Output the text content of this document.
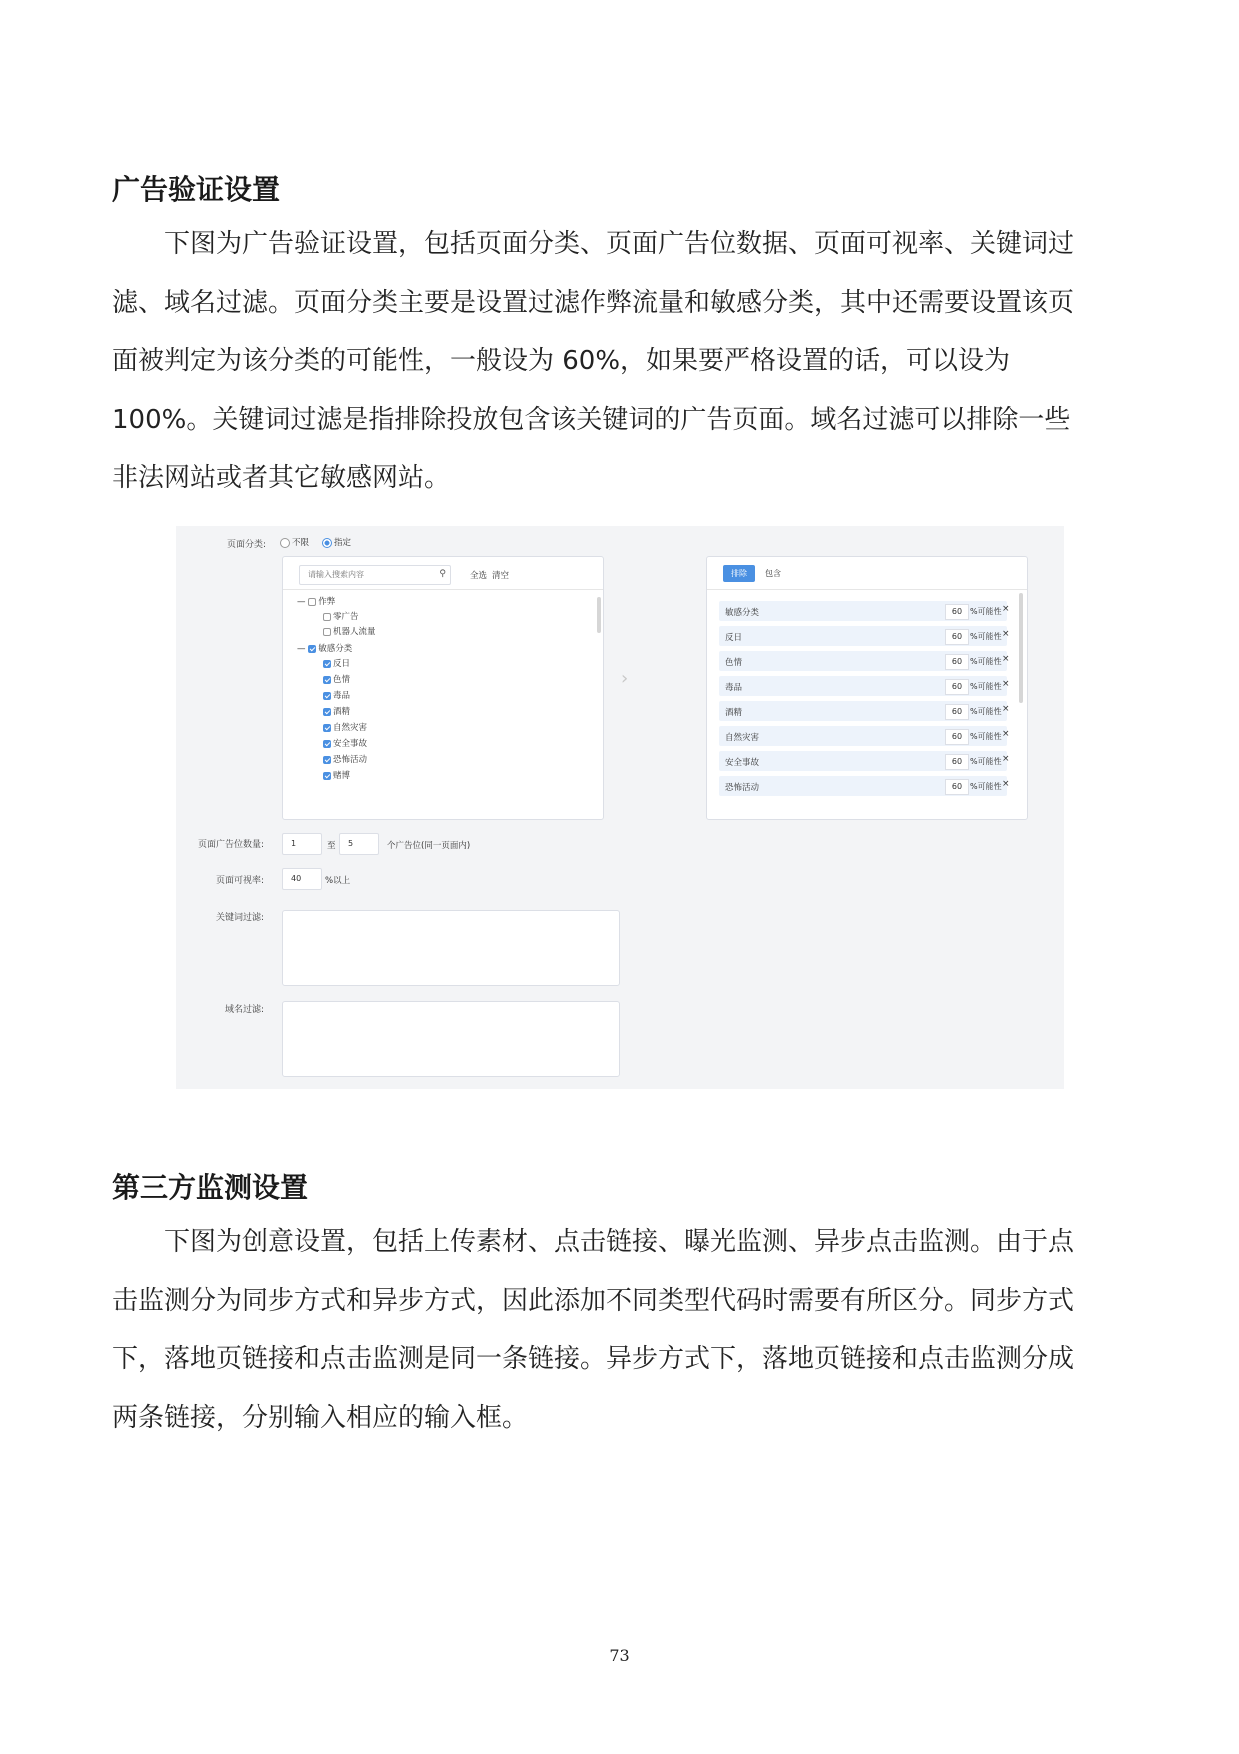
广告验证设置
　　下图为广告验证设置，包括页面分类、页面广告位数据、页面可视率、关键词过
滤、域名过滤。页面分类主要是设置过滤作弊流量和敏感分类，其中还需要设置该页
面被判定为该分类的可能性，一般设为 60%，如果要严格设置的话，可以设为
100%。关键词过滤是指排除投放包含该关键词的广告页面。域名过滤可以排除一些
非法网站或者其它敏感网站。
页面分类:	不限	指定
请输入搜索内容
⚲	全选 清空
— 作弊
零广告
机器人流量
— 敏感分类
反日
色情
毒品
酒精
自然灾害
安全事故
恐怖活动
赌博
›
排除	包含
敏感分类	60 %可能性 ×
反日	60 %可能性 ×
色情	60 %可能性 ×
毒品	60 %可能性 ×
酒精	60 %可能性 ×
自然灾害	60 %可能性 ×
安全事故	60 %可能性 ×
恐怖活动	60 %可能性 ×
页面广告位数量:	1	至	5	个广告位(同一页面内)
页面可视率:	40	%以上
关键词过滤:
域名过滤:
第三方监测设置
　　下图为创意设置，包括上传素材、点击链接、曝光监测、异步点击监测。由于点
击监测分为同步方式和异步方式，因此添加不同类型代码时需要有所区分。同步方式
下，落地页链接和点击监测是同一条链接。异步方式下，落地页链接和点击监测分成
两条链接，分别输入相应的输入框。
73
